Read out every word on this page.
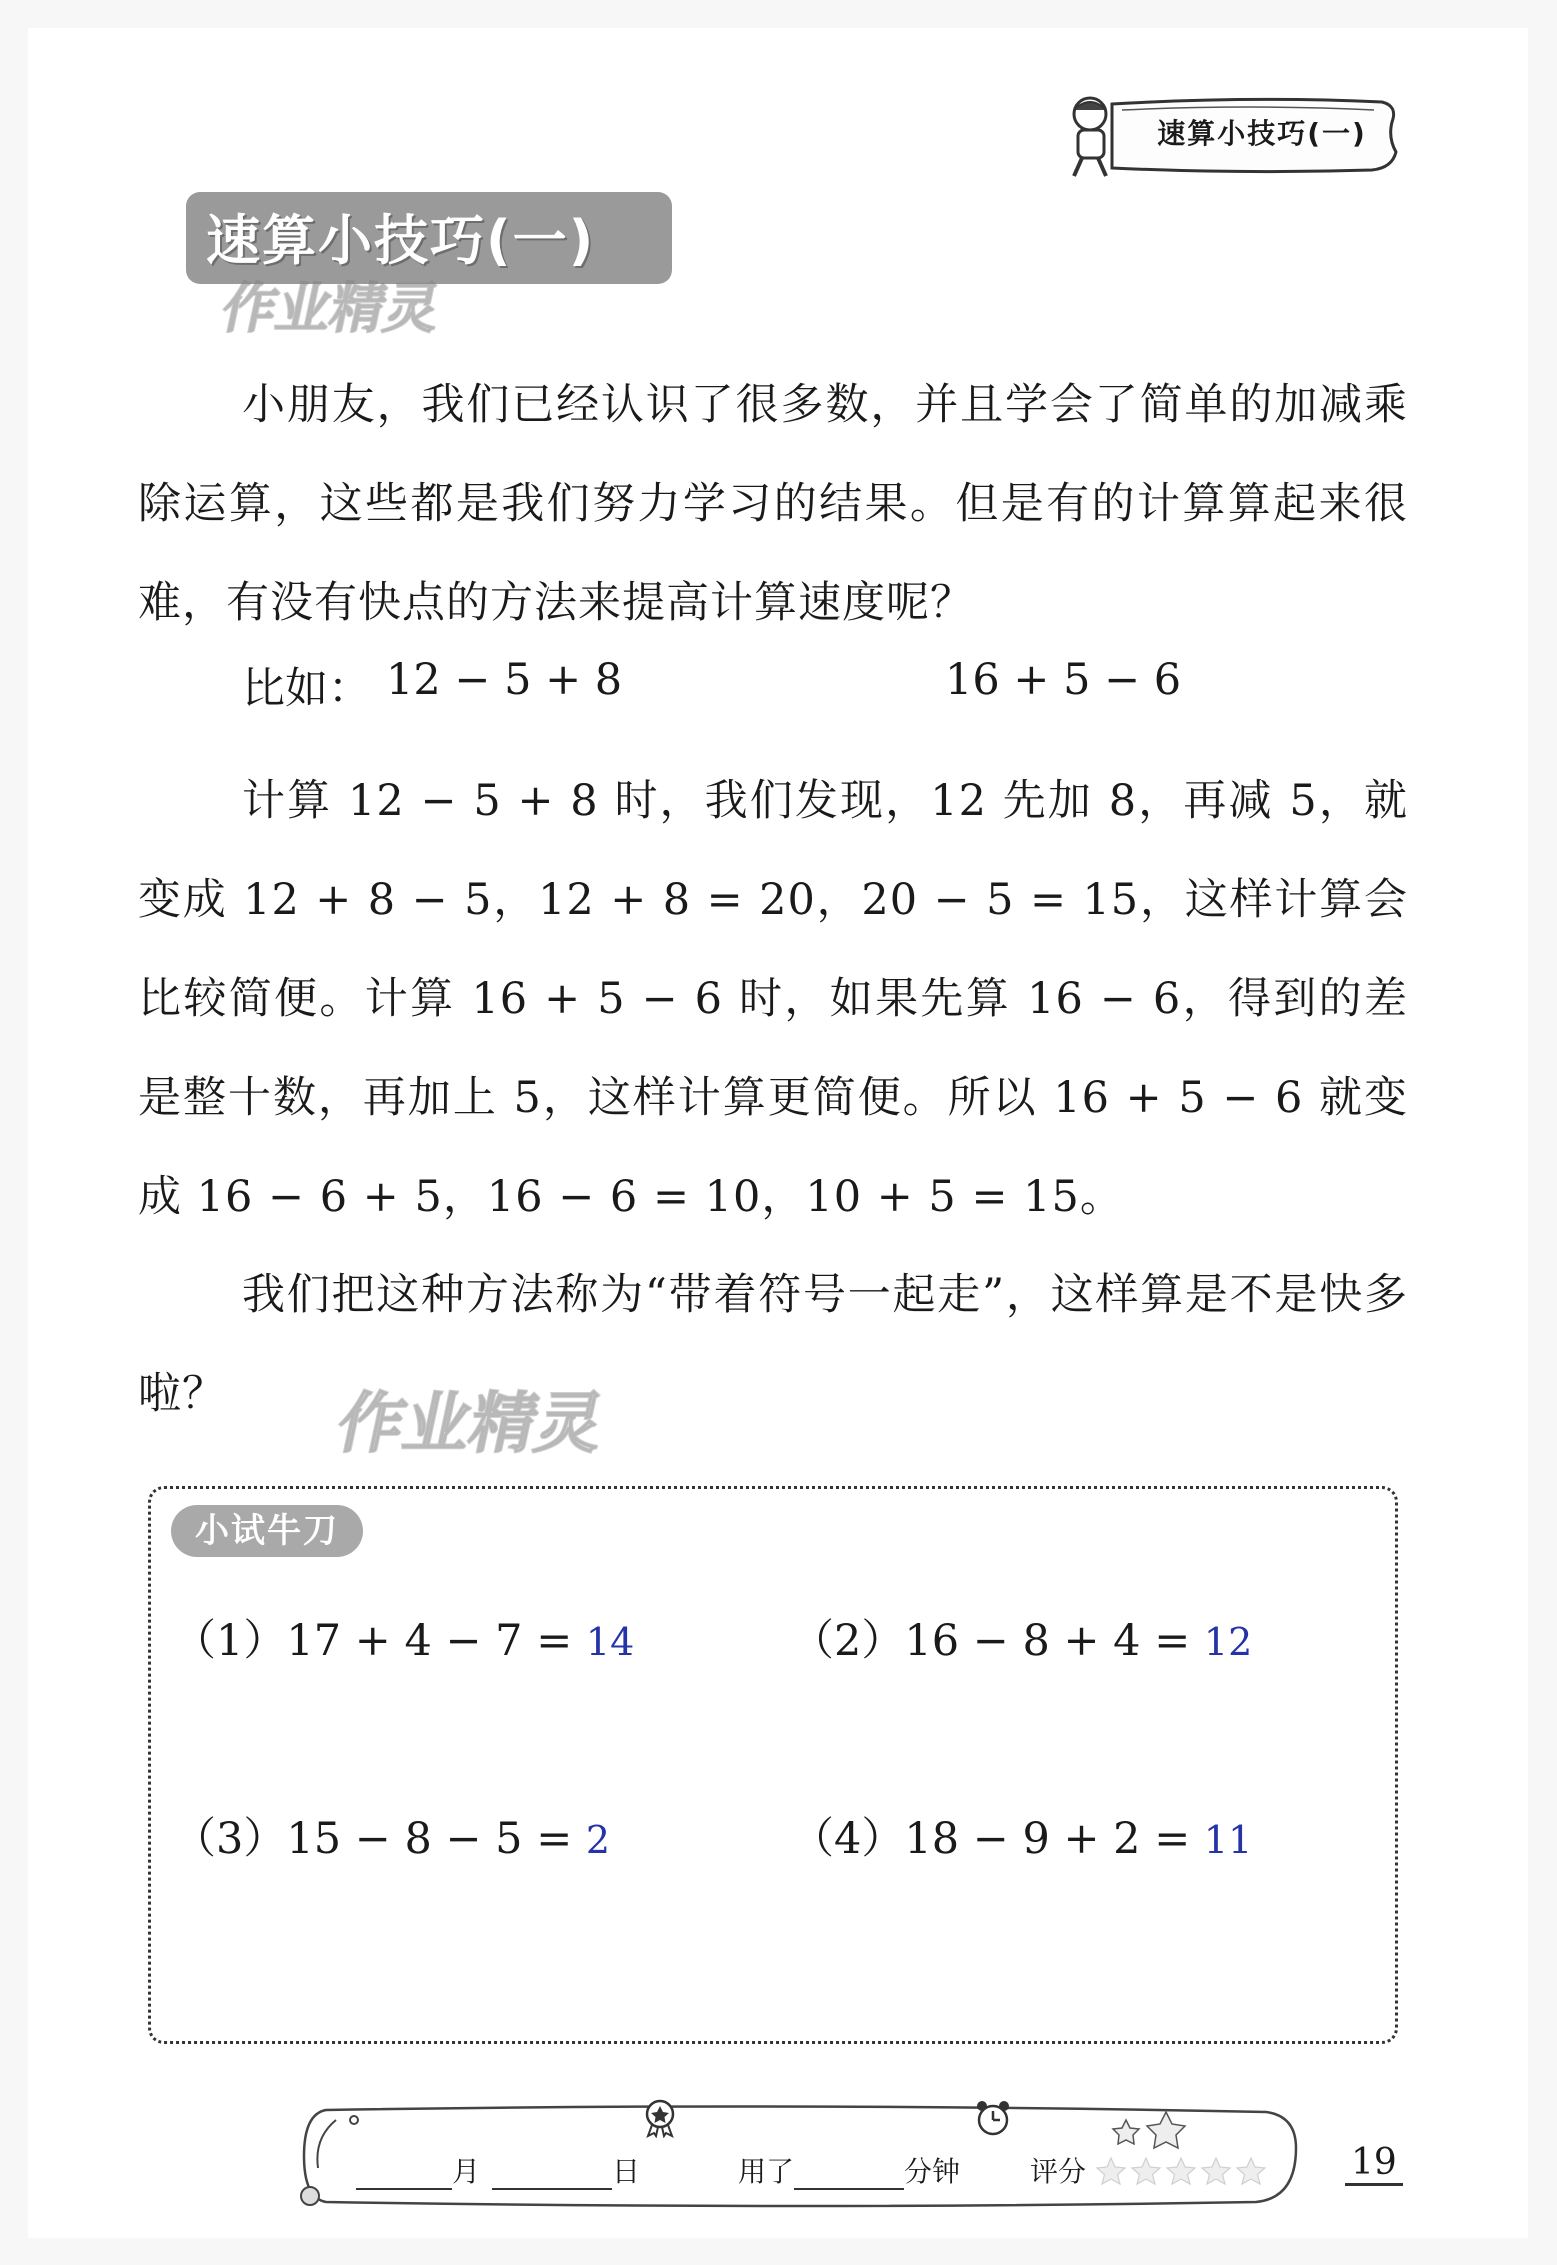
速算小技巧(一)
速算小技巧(一)
作业精灵
小朋友，我们已经认识了很多数，并且学会了简单的加减乘除运算，这些都是我们努力学习的结果。但是有的计算算起来很难，有没有快点的方法来提高计算速度呢？
比如： 12 − 5 + 8	16 + 5 − 6
计算 12 − 5 + 8 时，我们发现，12 先加 8，再减 5，就变成 12 + 8 − 5，12 + 8 = 20，20 − 5 = 15，这样计算会比较简便。计算 16 + 5 − 6 时，如果先算 16 − 6，得到的差是整十数，再加上 5，这样计算更简便。所以 16 + 5 − 6 就变成 16 − 6 + 5，16 − 6 = 10，10 + 5 = 15。
我们把这种方法称为“带着符号一起走”，这样算是不是快多啦？	作业精灵
小试牛刀
（1）17 + 4 − 7 = 14	（2）16 − 8 + 4 = 12
（3）15 − 8 − 5 = 2	（4）18 − 9 + 2 = 11
月	日	用了	分钟 评分	19
